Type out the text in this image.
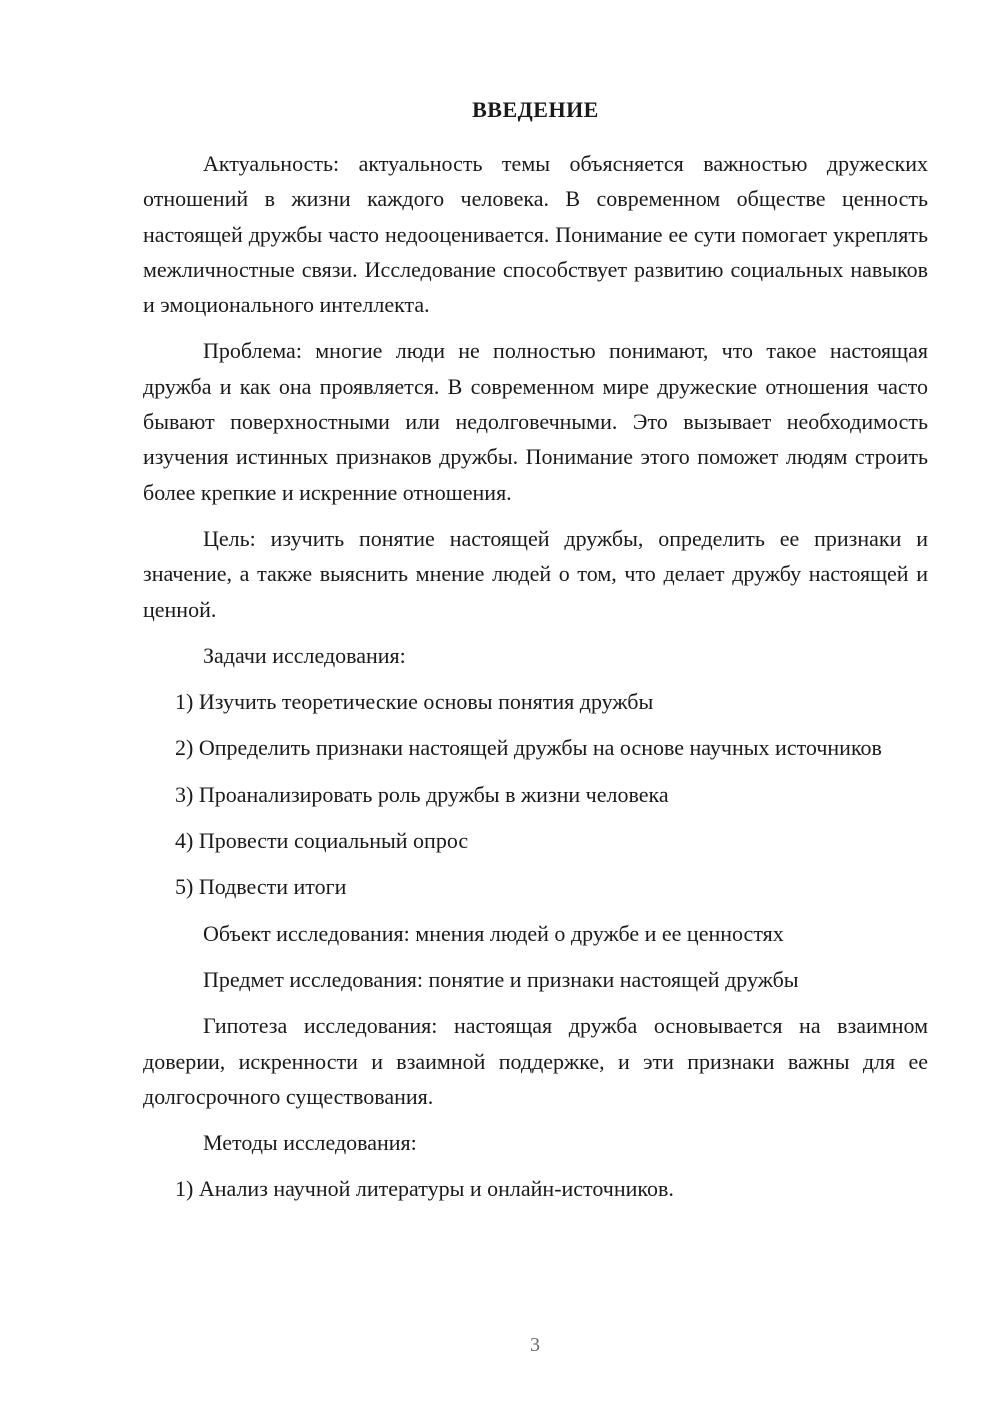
ВВЕДЕНИЕ

Актуальность: актуальность темы объясняется важностью дружеских отношений в жизни каждого человека. В современном обществе ценность настоящей дружбы часто недооценивается. Понимание ее сути помогает укреплять межличностные связи. Исследование способствует развитию социальных навыков и эмоционального интеллекта.

Проблема: многие люди не полностью понимают, что такое настоящая дружба и как она проявляется. В современном мире дружеские отношения часто бывают поверхностными или недолговечными. Это вызывает необходимость изучения истинных признаков дружбы. Понимание этого поможет людям строить более крепкие и искренние отношения.

Цель: изучить понятие настоящей дружбы, определить ее признаки и значение, а также выяснить мнение людей о том, что делает дружбу настоящей и ценной.

Задачи исследования:

1) Изучить теоретические основы понятия дружбы

2) Определить признаки настоящей дружбы на основе научных источников

3) Проанализировать роль дружбы в жизни человека

4) Провести социальный опрос

5) Подвести итоги

Объект исследования: мнения людей о дружбе и ее ценностях

Предмет исследования: понятие и признаки настоящей дружбы

Гипотеза исследования: настоящая дружба основывается на взаимном доверии, искренности и взаимной поддержке, и эти признаки важны для ее долгосрочного существования.

Методы исследования:

1) Анализ научной литературы и онлайн-источников.

3
